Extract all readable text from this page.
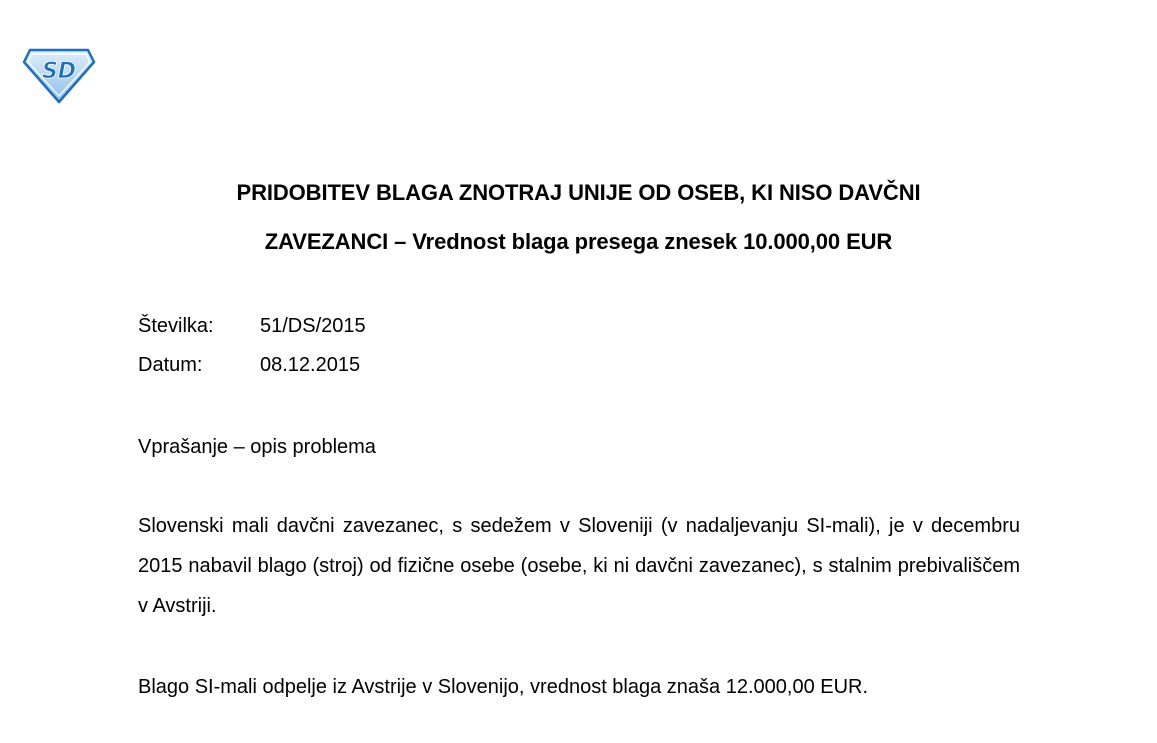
SD
PRIDOBITEV BLAGA ZNOTRAJ UNIJE OD OSEB, KI NISO DAVČNI
ZAVEZANCI – Vrednost blaga presega znesek 10.000,00 EUR
Številka: 51/DS/2015
Datum:	08.12.2015
Vprašanje – opis problema
Slovenski mali davčni zavezanec, s sedežem v Sloveniji (v nadaljevanju SI-mali), je v decembru 2015 nabavil blago (stroj) od fizične osebe (osebe, ki ni davčni zavezanec), s stalnim prebivališčem v Avstriji.
Blago SI-mali odpelje iz Avstrije v Slovenijo, vrednost blaga znaša 12.000,00 EUR.
